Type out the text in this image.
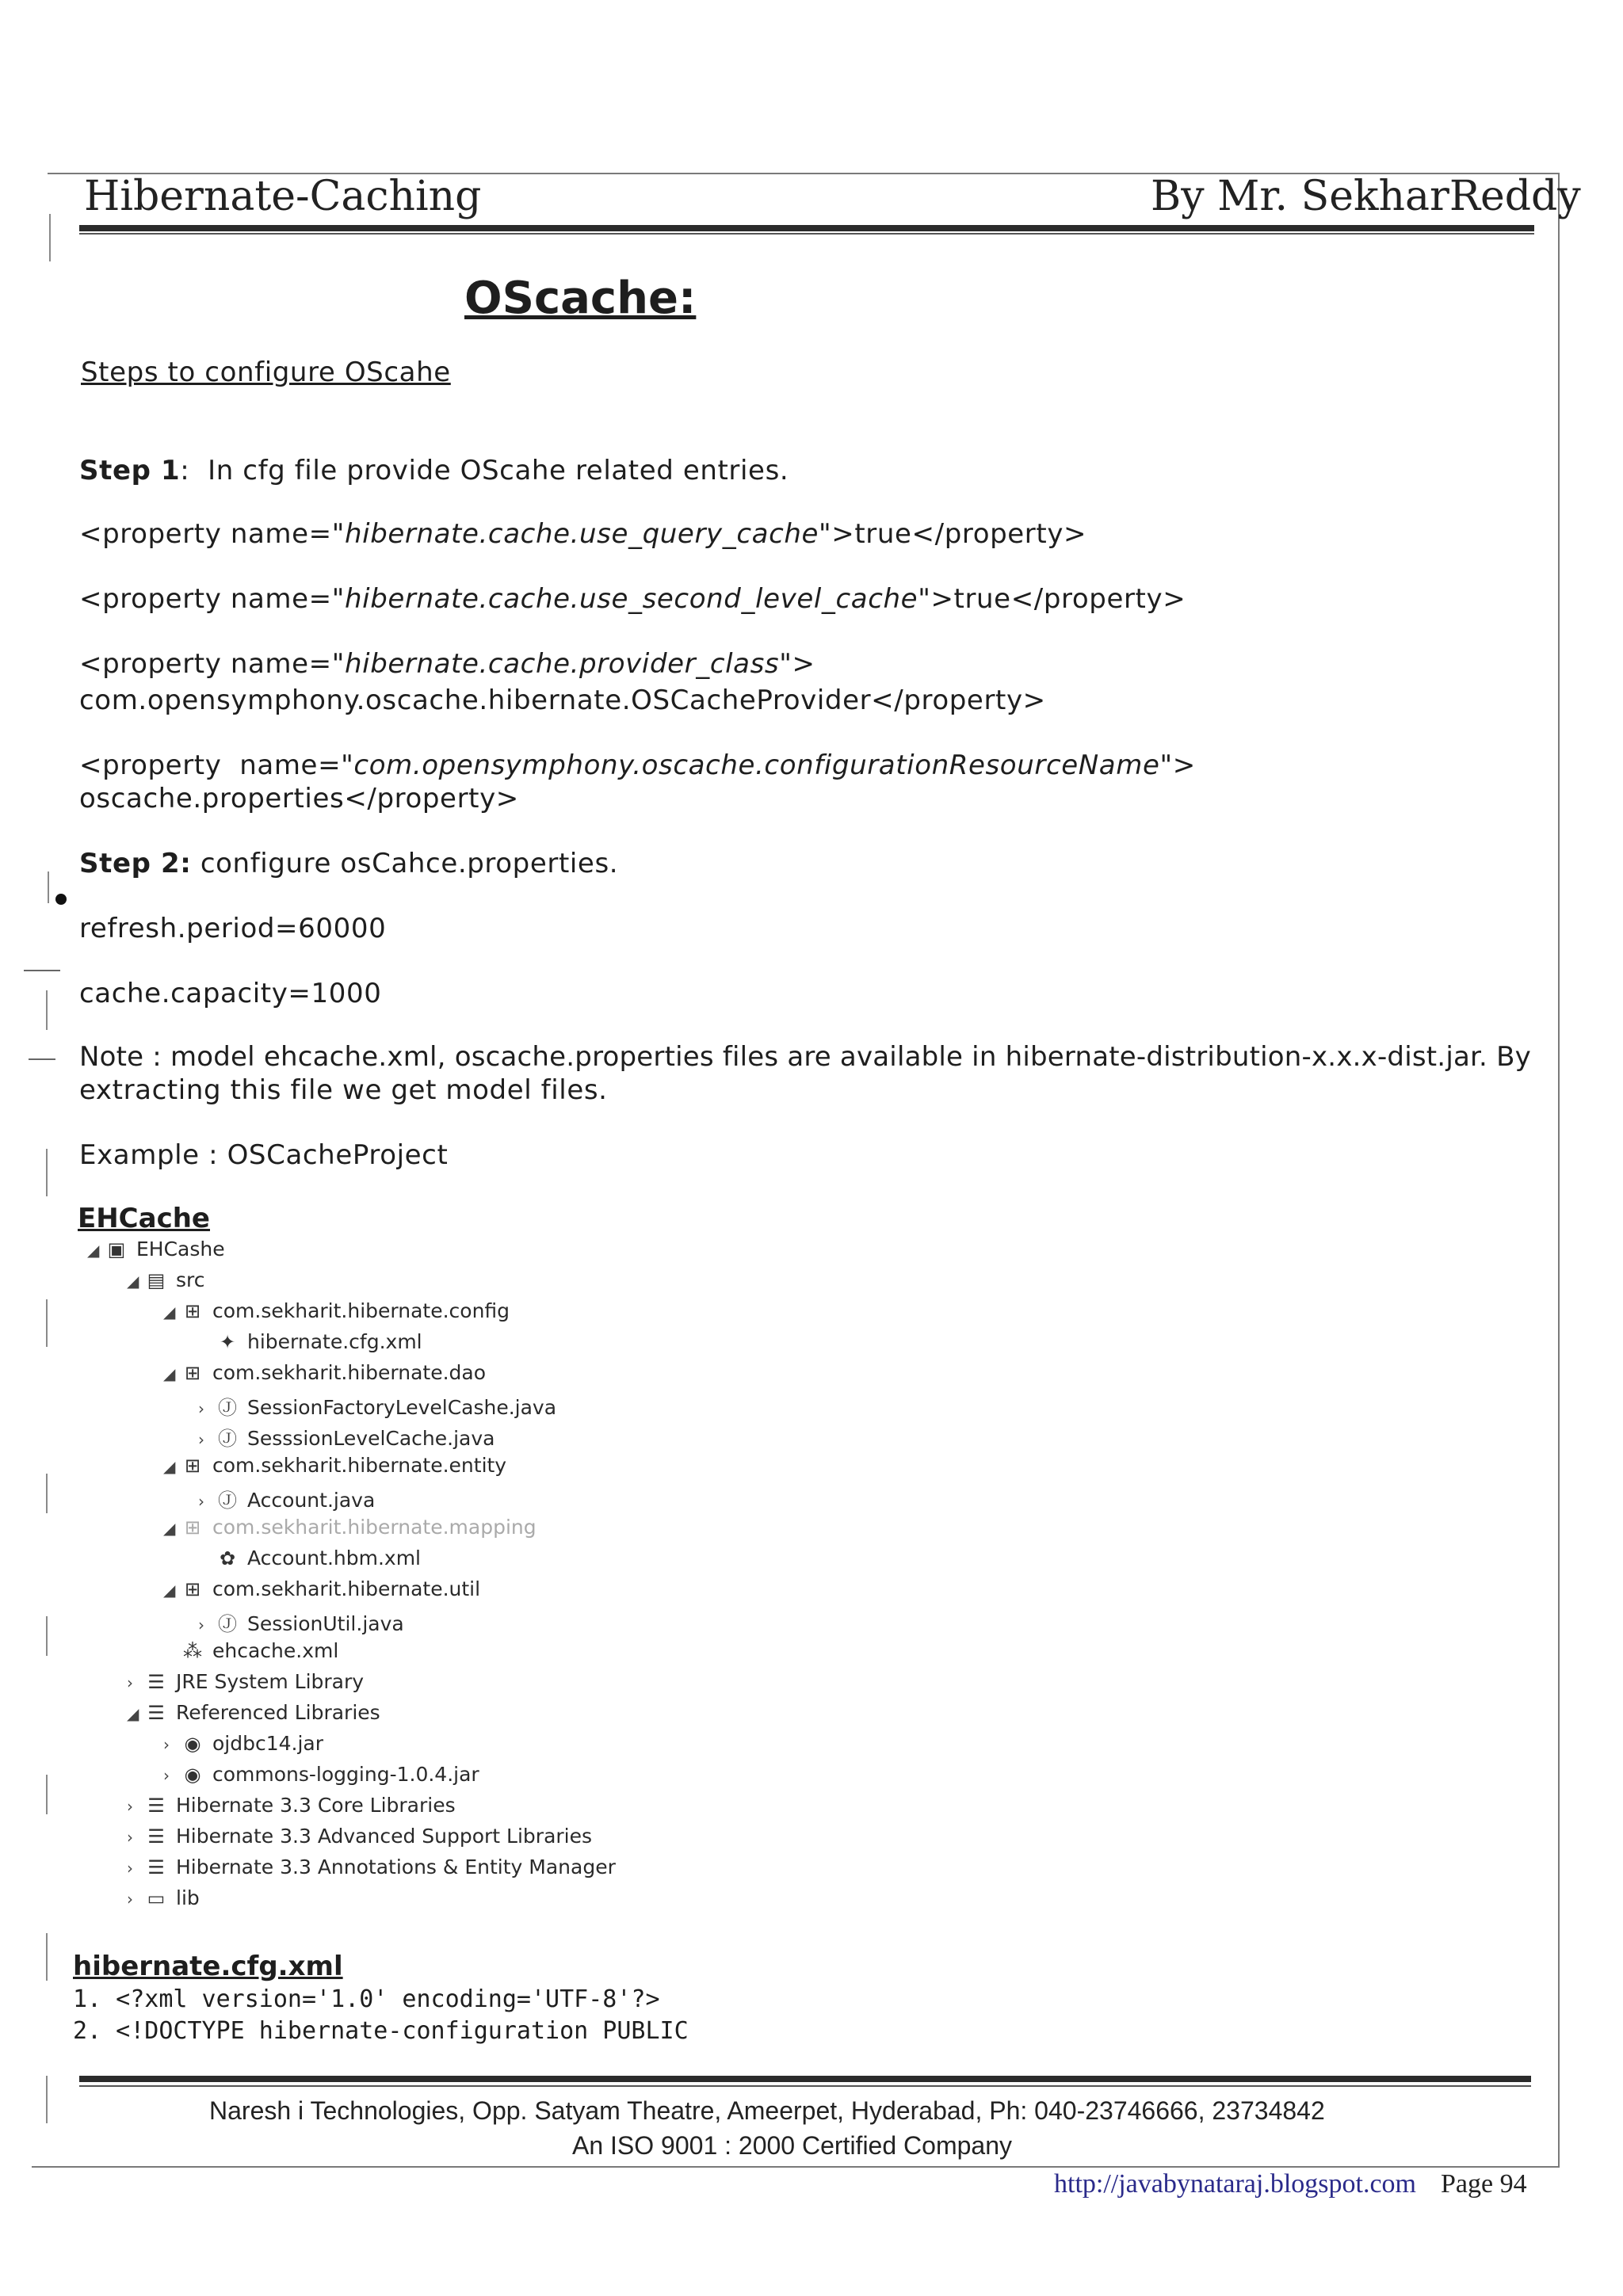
Hibernate-Caching	By Mr. SekharReddy
OScache:
Steps to configure OScahe
Step 1:  In cfg file provide OScahe related entries.
<property name="hibernate.cache.use_query_cache">true</property>
<property name="hibernate.cache.use_second_level_cache">true</property>
<property name="hibernate.cache.provider_class">
com.opensymphony.oscache.hibernate.OSCacheProvider</property>
<property  name="com.opensymphony.oscache.configurationResourceName">
oscache.properties</property>
Step 2: configure osCahce.properties.
refresh.period=60000
cache.capacity=1000
Note : model ehcache.xml, oscache.properties files are available in hibernate-distribution-x.x.x-dist.jar. By
extracting this file we get model files.
Example : OSCacheProject
EHCache
◢ ▣ EHCashe
◢ ▤ src
◢ ⊞ com.sekharit.hibernate.config
✦ hibernate.cfg.xml
◢ ⊞ com.sekharit.hibernate.dao
› Ⓙ SessionFactoryLevelCashe.java
› Ⓙ SesssionLevelCache.java
◢ ⊞ com.sekharit.hibernate.entity
› Ⓙ Account.java
◢ ⊞ com.sekharit.hibernate.mapping
✿ Account.hbm.xml
◢ ⊞ com.sekharit.hibernate.util
› Ⓙ SessionUtil.java
⁂ ehcache.xml
› ☰ JRE System Library
◢ ☰ Referenced Libraries
› ◉ ojdbc14.jar
› ◉ commons-logging-1.0.4.jar
› ☰ Hibernate 3.3 Core Libraries
› ☰ Hibernate 3.3 Advanced Support Libraries
› ☰ Hibernate 3.3 Annotations & Entity Manager
› ▭ lib
hibernate.cfg.xml
1. <?xml version='1.0' encoding='UTF-8'?>
2. <!DOCTYPE hibernate-configuration PUBLIC
Naresh i Technologies, Opp. Satyam Theatre, Ameerpet, Hyderabad, Ph: 040-23746666, 23734842
An ISO 9001 : 2000 Certified Company
http://javabynataraj.blogspot.com Page 94
